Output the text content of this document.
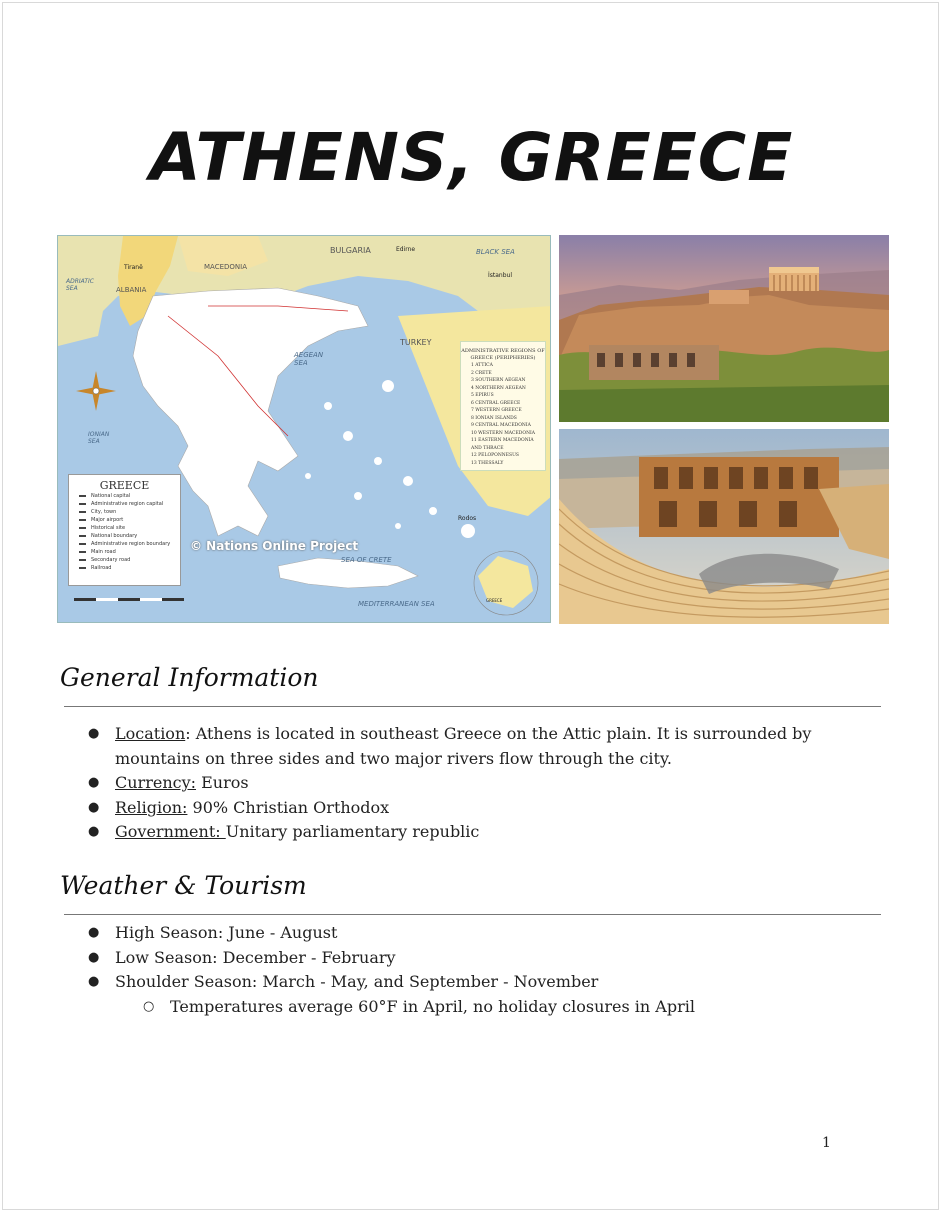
ATHENS, GREECE
BULGARIA
MACEDONIA
ALBANIA
Tiranë
Edirne
İstanbul
TURKEY
BLACK SEA
ADRIATIC SEA
IONIAN SEA
AEGEAN SEA
SEA OF CRETE
MEDITERRANEAN SEA
Rodos
GREECE
ADMINISTRATIVE REGIONS OF GREECE (PERIPHERIES)
1 ATTICA
2 CRETE
3 SOUTHERN AEGEAN
4 NORTHERN AEGEAN
5 EPIRUS
6 CENTRAL GREECE
7 WESTERN GREECE
8 IONIAN ISLANDS
9 CENTRAL MACEDONIA
10 WESTERN MACEDONIA
11 EASTERN MACEDONIA AND THRACE
12 PELOPONNESUS
13 THESSALY
GREECE
National capital
Administrative region capital
City, town
Major airport
Historical site
National boundary
Administrative region boundary
Main road
Secondary road
Railroad
© Nations Online Project
General Information
● Location: Athens is located in southeast Greece on the Attic plain. It is surrounded by mountains on three sides and two major rivers flow through the city.
● Currency: Euros
● Religion: 90% Christian Orthodox
● Government: Unitary parliamentary republic
Weather & Tourism
● High Season: June - August
● Low Season: December - February
● Shoulder Season: March - May, and September - November
○ Temperatures average 60°F in April, no holiday closures in April
1
